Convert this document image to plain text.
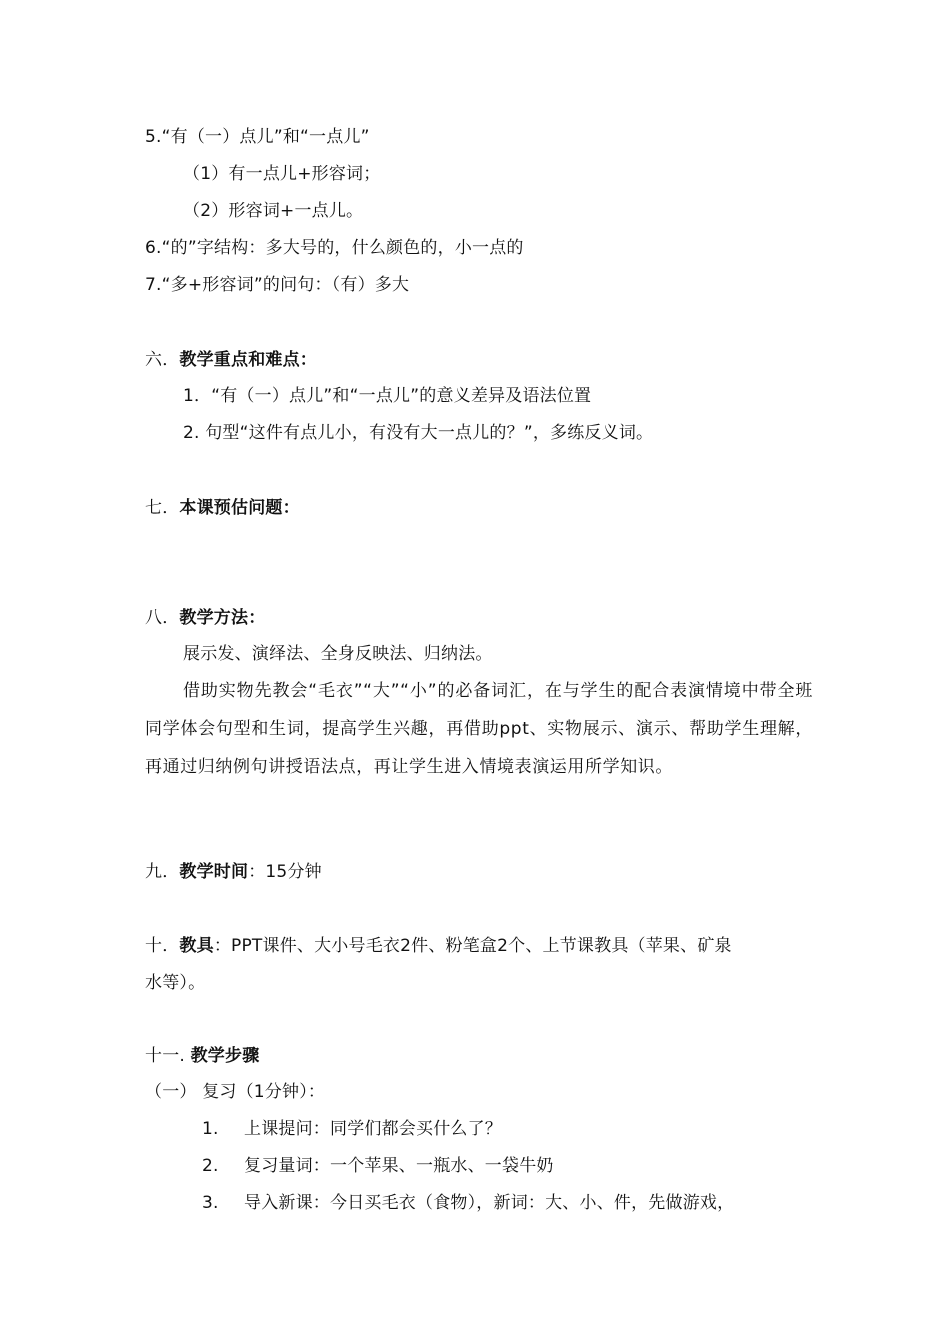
5.“有（一）点儿”和“一点儿”
（1）有一点儿+形容词；
（2）形容词+一点儿。
6.“的”字结构：多大号的，什么颜色的，小一点的
7.“多+形容词”的问句：（有）多大
六．教学重点和难点：
1．“有（一）点儿”和“一点儿”的意义差异及语法位置
2. 句型“这件有点儿小，有没有大一点儿的？”，多练反义词。
七．本课预估问题：
八．教学方法：
展示发、演绎法、全身反映法、归纳法。
借助实物先教会“毛衣”“大”“小”的必备词汇，在与学生的配合表演情境中带全班同学体会句型和生词，提高学生兴趣，再借助ppt、实物展示、演示、帮助学生理解，再通过归纳例句讲授语法点，再让学生进入情境表演运用所学知识。
九．教学时间：15分钟
十．教具：PPT课件、大小号毛衣2件、粉笔盒2个、上节课教具（苹果、矿泉
水等）。
十一. 教学步骤
（一） 复习（1分钟）：
1. 上课提问：同学们都会买什么了？
2. 复习量词：一个苹果、一瓶水、一袋牛奶
3. 导入新课：今日买毛衣（食物），新词：大、小、件，先做游戏，
